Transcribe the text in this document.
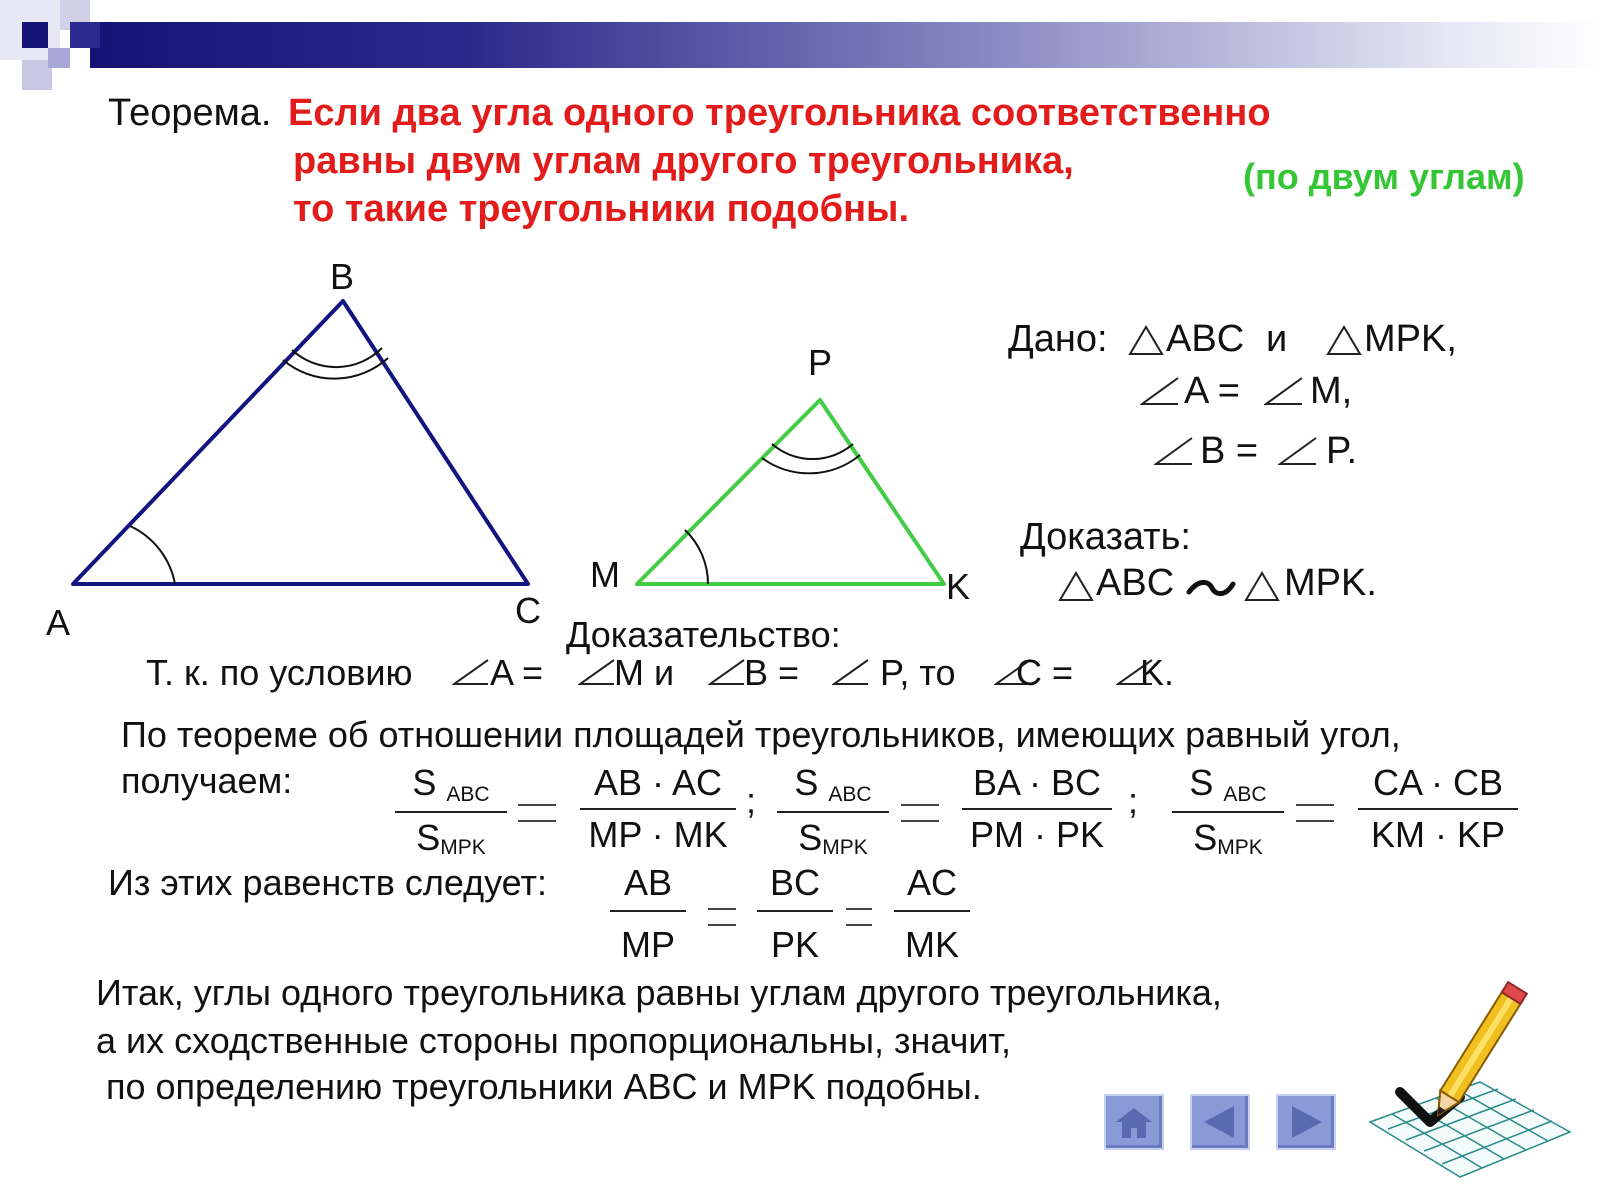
Теорема. Если два угла одного треугольника соответственно
равны двум углам другого треугольника,
то такие треугольники подобны.
(по двум углам)
B
A	C
P
M	K
Дано: ABC и MPK,
A = M,
B = P.
Доказать:
ABC	MPK.
Доказательство:
Т. к. по условию A = M и B = P, то C = K.
По теореме об отношении площадей треугольников, имеющих равный угол,
получаем:	S $_{ABC}$
SMPK
AB · AC
MP · MK
;	S $_{ABC}$
SMPK
BA · BC
PM · PK
;	S $_{ABC}$
SMPK
CA · CB
KM · KP
Из этих равенств следует:	AB
MP
BC
PK
AC
MK
Итак, углы одного треугольника равны углам другого треугольника,
а их сходственные стороны пропорциональны, значит,
по определению треугольники ABC и MPK подобны.
